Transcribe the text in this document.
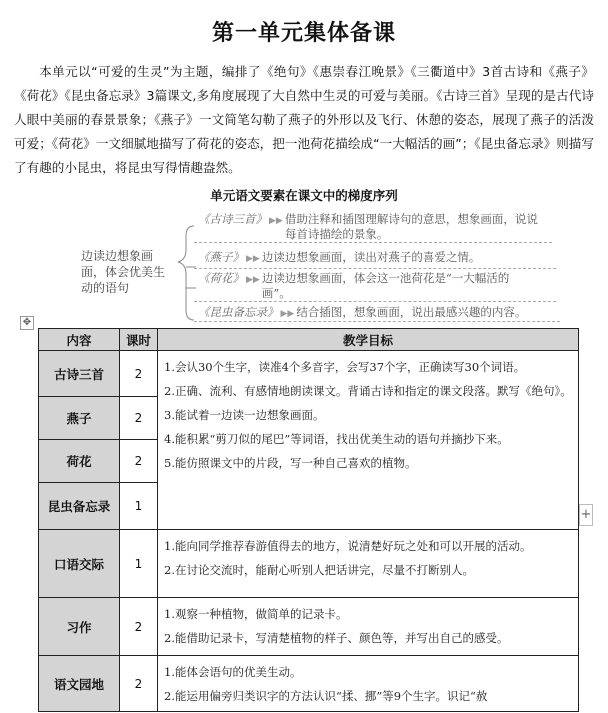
第一单元集体备课

本单元以“可爱的生灵”为主题，编排了《绝句》《惠崇春江晚景》《三衢道中》3首古诗和《燕子》《荷花》《昆虫备忘录》3篇课文,多角度展现了大自然中生灵的可爱与美丽。《古诗三首》呈现的是古代诗人眼中美丽的春景景象；《燕子》一文简笔勾勒了燕子的外形以及飞行、休憩的姿态，展现了燕子的活泼可爱；《荷花》一文细腻地描写了荷花的姿态，把一池荷花描绘成“一大幅活的画”；《昆虫备忘录》则描写了有趣的小昆虫，将昆虫写得情趣盎然。

单元语文要素在课文中的梯度序列
边读边想象画面，体会优美生动的语句
《古诗三首》 ▶▶ 借助注释和插图理解诗句的意思，想象画面，说说每首诗描绘的景象。
《燕子》 ▶▶ 边读边想象画面，读出对燕子的喜爱之情。
《荷花》 ▶▶ 边读边想象画面，体会这一池荷花是“一大幅活的画”。
《昆虫备忘录》 ▶▶ 结合插图，想象画面，说出最感兴趣的内容。
✥
+
内容	课时	教学目标
古诗三首	2	1.会认30个生字，读准4个多音字，会写37个字，正确读写30个词语。
2.正确、流利、有感情地朗读课文。背诵古诗和指定的课文段落。默写《绝句》。
3.能试着一边读一边想象画面。
4.能积累“剪刀似的尾巴”等词语，找出优美生动的语句并摘抄下来。
5.能仿照课文中的片段，写一种自己喜欢的植物。

燕子	2	
荷花	2	
昆虫备忘录	1	
口语交际	1	1.能向同学推荐春游值得去的地方，说清楚好玩之处和可以开展的活动。
2.在讨论交流时，能耐心听别人把话讲完，尽量不打断别人。

习作	2	1.观察一种植物，做简单的记录卡。
2.能借助记录卡，写清楚植物的样子、颜色等，并写出自己的感受。

语文园地	2	1.能体会语句的优美生动。
2.能运用偏旁归类识字的方法认识“揉、挪”等9个生字。识记“赦
